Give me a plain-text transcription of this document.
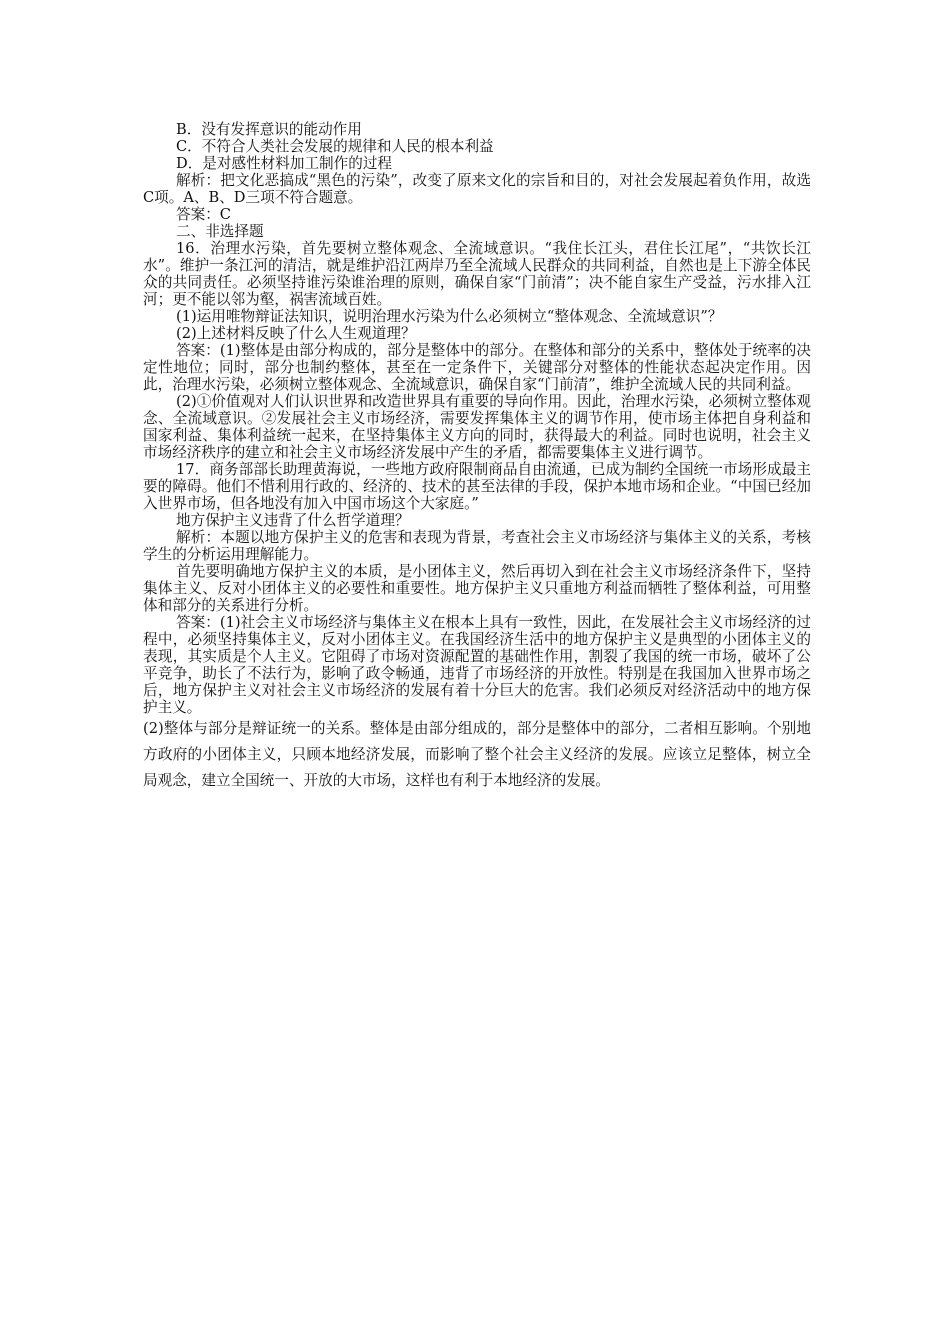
B．没有发挥意识的能动作用

C．不符合人类社会发展的规律和人民的根本利益

D．是对感性材料加工制作的过程

解析：把文化恶搞成“黑色的污染”，改变了原来文化的宗旨和目的，对社会发展起着负作用，故选C项。A、B、D三项不符合题意。

答案：C

二、非选择题

16．治理水污染，首先要树立整体观念、全流域意识。“我住长江头，君住长江尾”，“共饮长江水”。维护一条江河的清洁，就是维护沿江两岸乃至全流域人民群众的共同利益，自然也是上下游全体民众的共同责任。必须坚持谁污染谁治理的原则，确保自家“门前清”；决不能自家生产受益，污水排入江河；更不能以邻为壑，祸害流域百姓。

(1)运用唯物辩证法知识，说明治理水污染为什么必须树立“整体观念、全流域意识”？

(2)上述材料反映了什么人生观道理？

答案：(1)整体是由部分构成的，部分是整体中的部分。在整体和部分的关系中，整体处于统率的决定性地位；同时，部分也制约整体，甚至在一定条件下，关键部分对整体的性能状态起决定作用。因此，治理水污染，必须树立整体观念、全流域意识，确保自家“门前清”，维护全流域人民的共同利益。

(2)①价值观对人们认识世界和改造世界具有重要的导向作用。因此，治理水污染，必须树立整体观念、全流域意识。②发展社会主义市场经济，需要发挥集体主义的调节作用，使市场主体把自身利益和国家利益、集体利益统一起来，在坚持集体主义方向的同时，获得最大的利益。同时也说明，社会主义市场经济秩序的建立和社会主义市场经济发展中产生的矛盾，都需要集体主义进行调节。

17．商务部部长助理黄海说，一些地方政府限制商品自由流通，已成为制约全国统一市场形成最主要的障碍。他们不惜利用行政的、经济的、技术的甚至法律的手段，保护本地市场和企业。“中国已经加入世界市场，但各地没有加入中国市场这个大家庭。”

地方保护主义违背了什么哲学道理？

解析：本题以地方保护主义的危害和表现为背景，考查社会主义市场经济与集体主义的关系，考核学生的分析运用理解能力。

首先要明确地方保护主义的本质，是小团体主义，然后再切入到在社会主义市场经济条件下，坚持集体主义、反对小团体主义的必要性和重要性。地方保护主义只重地方利益而牺牲了整体利益，可用整体和部分的关系进行分析。

答案：(1)社会主义市场经济与集体主义在根本上具有一致性，因此，在发展社会主义市场经济的过程中，必须坚持集体主义，反对小团体主义。在我国经济生活中的地方保护主义是典型的小团体主义的表现，其实质是个人主义。它阻碍了市场对资源配置的基础性作用，割裂了我国的统一市场，破坏了公平竞争，助长了不法行为，影响了政令畅通，违背了市场经济的开放性。特别是在我国加入世界市场之后，地方保护主义对社会主义市场经济的发展有着十分巨大的危害。我们必须反对经济活动中的地方保护主义。

(2)整体与部分是辩证统一的关系。整体是由部分组成的，部分是整体中的部分，二者相互影响。个别地方政府的小团体主义，只顾本地经济发展，而影响了整个社会主义经济的发展。应该立足整体，树立全局观念，建立全国统一、开放的大市场，这样也有利于本地经济的发展。
